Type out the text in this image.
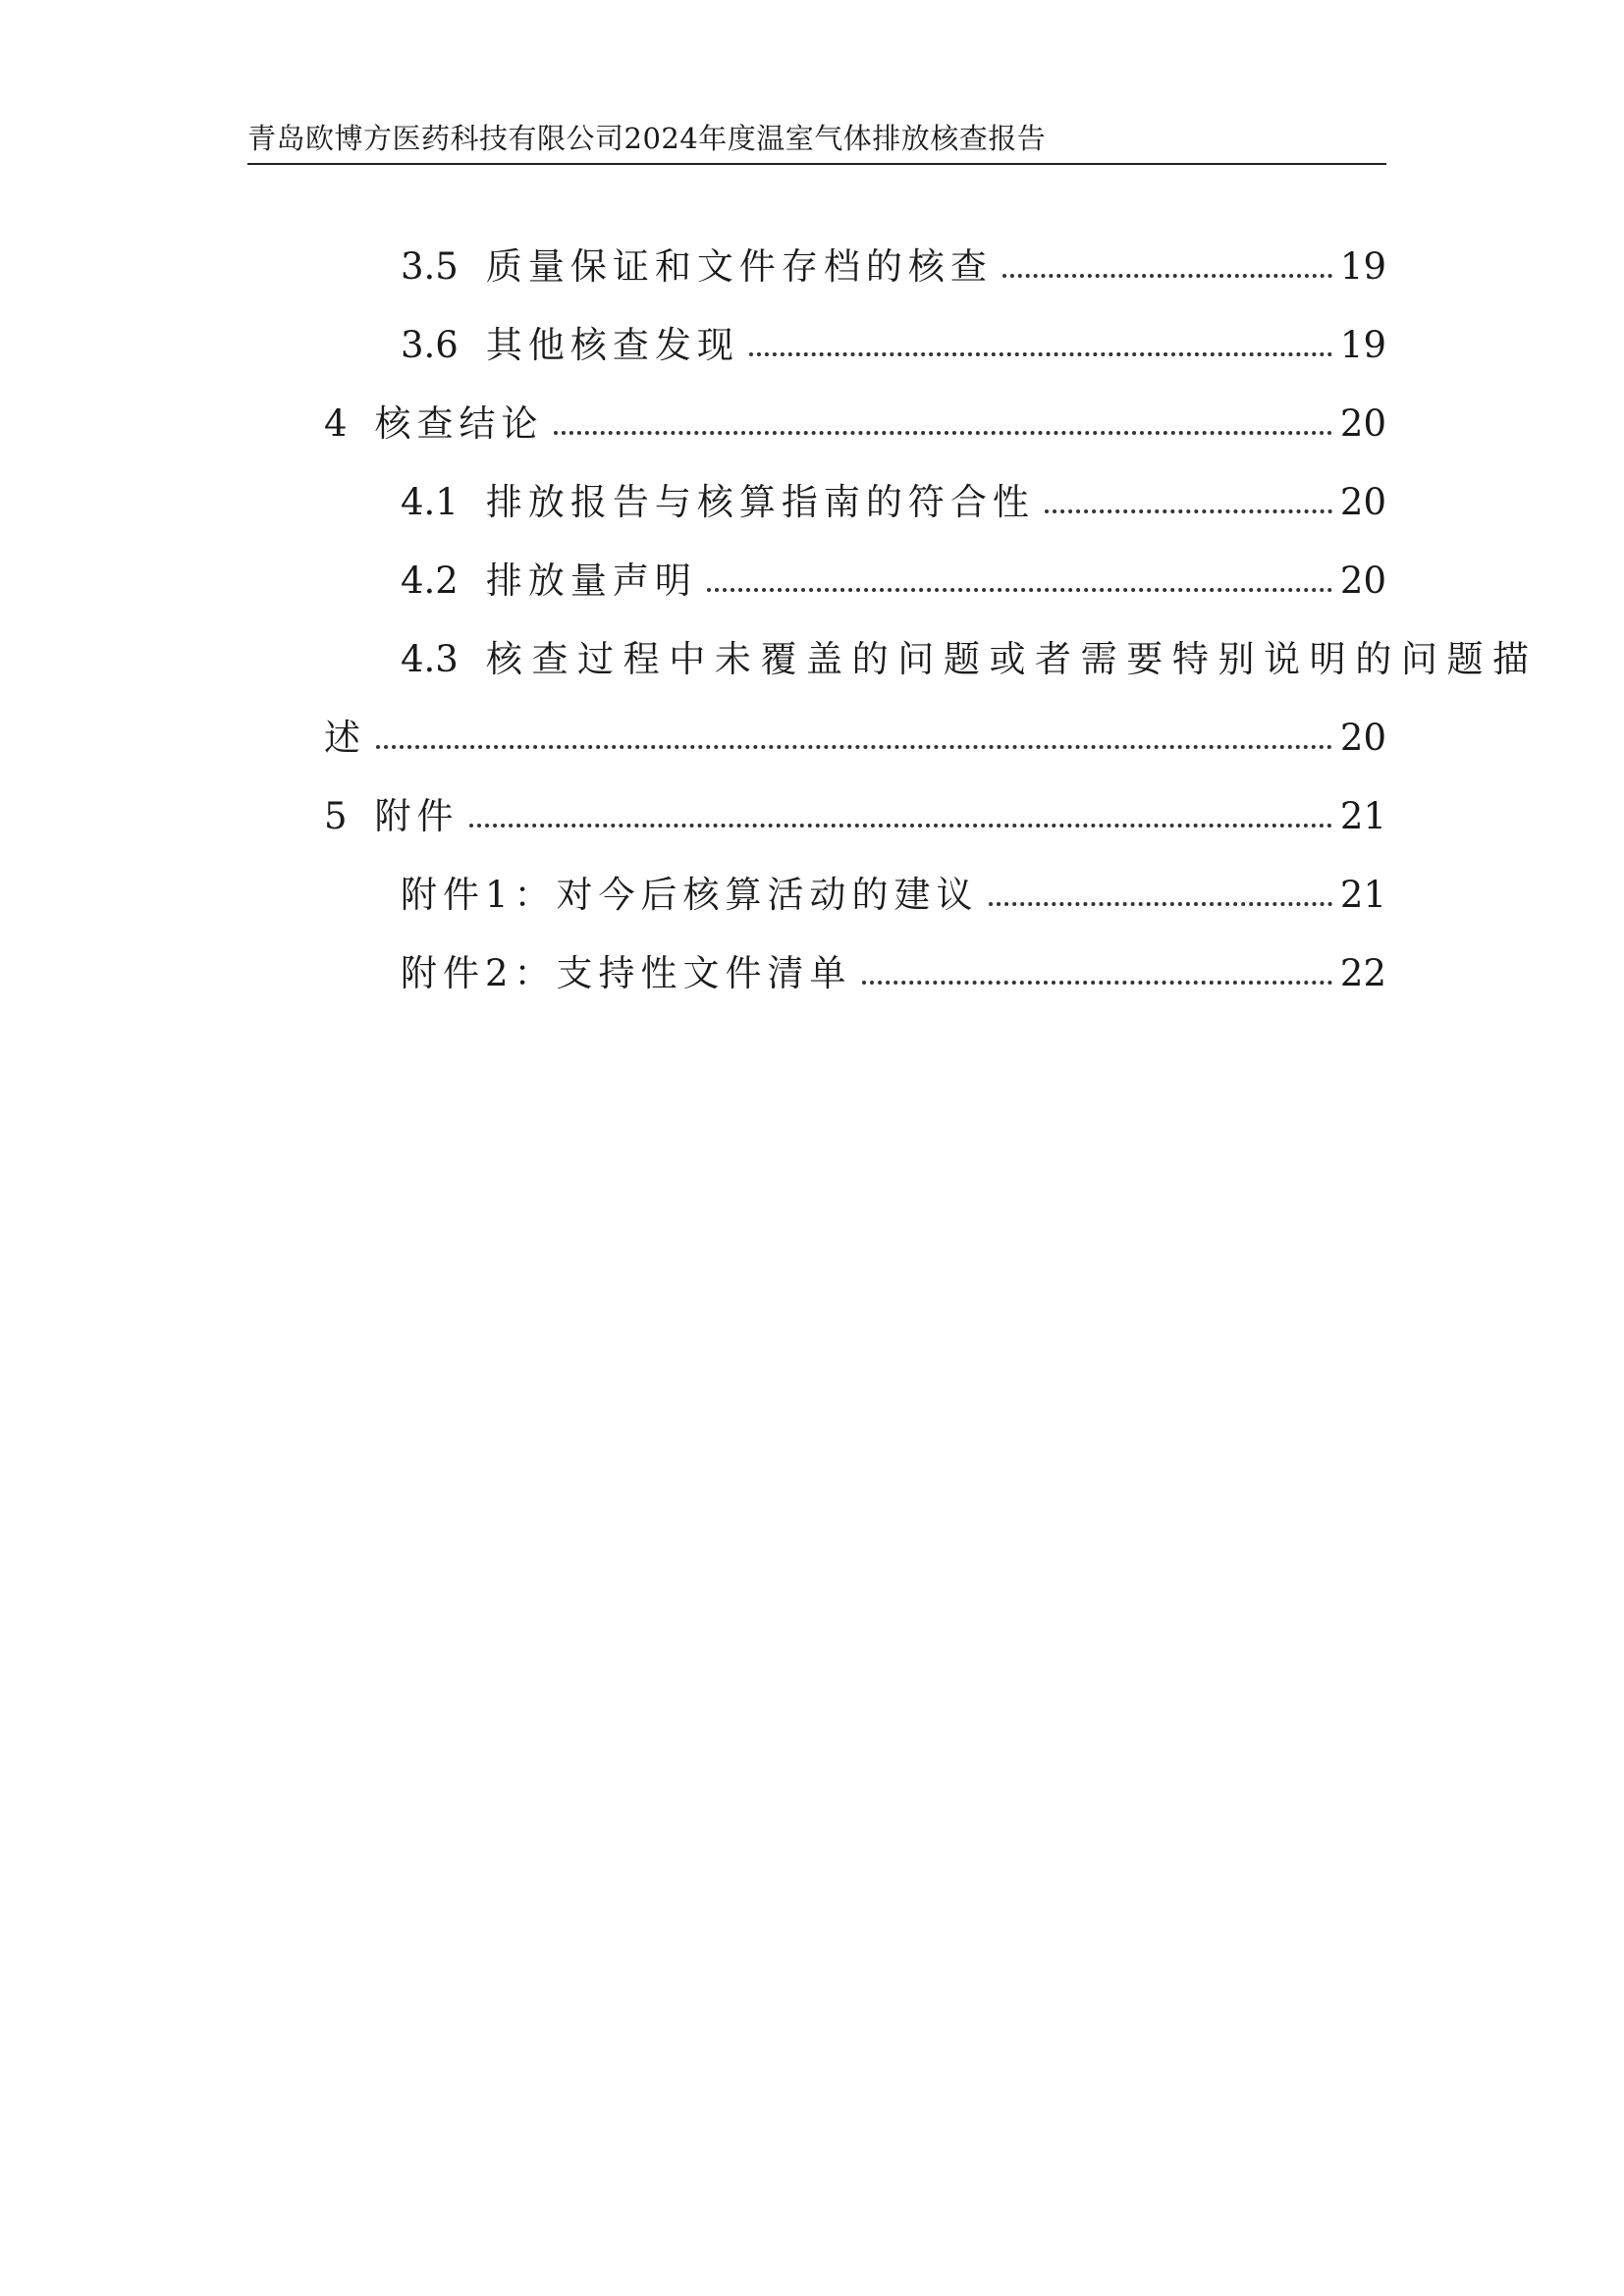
青岛欧博方医药科技有限公司2024年度温室气体排放核查报告
3.5 质量保证和文件存档的核查	19
3.6 其他核查发现	19
4 核查结论	20
4.1 排放报告与核算指南的符合性	20
4.2 排放量声明	20
4.3 核查过程中未覆盖的问题或者需要特别说明的问题描
述	20
5 附件	21
附件1：对今后核算活动的建议	21
附件2：支持性文件清单	22
